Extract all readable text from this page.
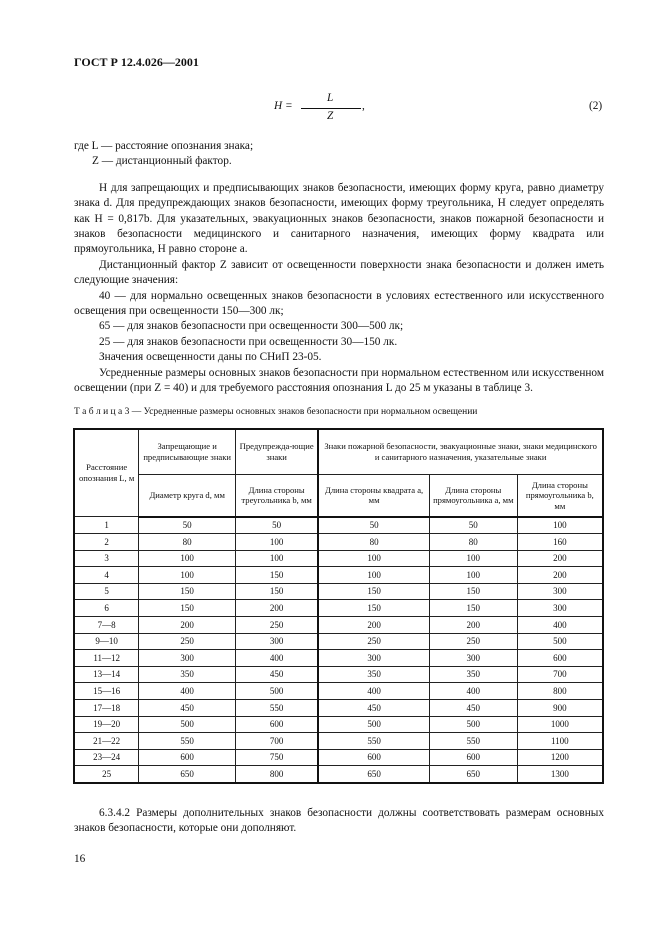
ГОСТ Р 12.4.026—2001
H =
L
Z
,	(2)
где L — расстояние опознания знака;
Z — дистанционный фактор.
H для запрещающих и предписывающих знаков безопасности, имеющих форму круга, равно диаметру знака d. Для предупреждающих знаков безопасности, имеющих форму треугольника, H следует определять как H = 0,817b. Для указательных, эвакуационных знаков безопасности, знаков пожарной безопасности и знаков безопасности медицинского и санитарного назначения, имеющих форму квадрата или прямоугольника, H равно стороне a.
Дистанционный фактор Z зависит от освещенности поверхности знака безопасности и должен иметь следующие значения:
40 — для нормально освещенных знаков безопасности в условиях естественного или искусственного освещения при освещенности 150—300 лк;
65 — для знаков безопасности при освещенности 300—500 лк;
25 — для знаков безопасности при освещенности 30—150 лк.
Значения освещенности даны по СНиП 23-05.
Усредненные размеры основных знаков безопасности при нормальном естественном или искусственном освещении (при Z = 40) и для требуемого расстояния опознания L до 25 м указаны в таблице 3.
Т а б л и ц а 3 — Усредненные размеры основных знаков безопасности при нормальном освещении
Расстояние опознания L, м	Запрещающие и предписывающие знаки	Предупрежда-ющие знаки	Знаки пожарной безопасности, эвакуационные знаки, знаки медицинского и санитарного назначения, указательные знаки		
	Диаметр круга d, мм	Длина стороны треугольника b, мм	Длина стороны квадрата a, мм	Длина стороны прямоугольника a, мм	Длина стороны прямоугольника b, мм
1	50	50	50	50	100
2	80	100	80	80	160
3	100	100	100	100	200
4	100	150	100	100	200
5	150	150	150	150	300
6	150	200	150	150	300
7—8	200	250	200	200	400
9—10	250	300	250	250	500
11—12	300	400	300	300	600
13—14	350	450	350	350	700
15—16	400	500	400	400	800
17—18	450	550	450	450	900
19—20	500	600	500	500	1000
21—22	550	700	550	550	1100
23—24	600	750	600	600	1200
25	650	800	650	650	1300
6.3.4.2 Размеры дополнительных знаков безопасности должны соответствовать размерам основных знаков безопасности, которые они дополняют.
16
